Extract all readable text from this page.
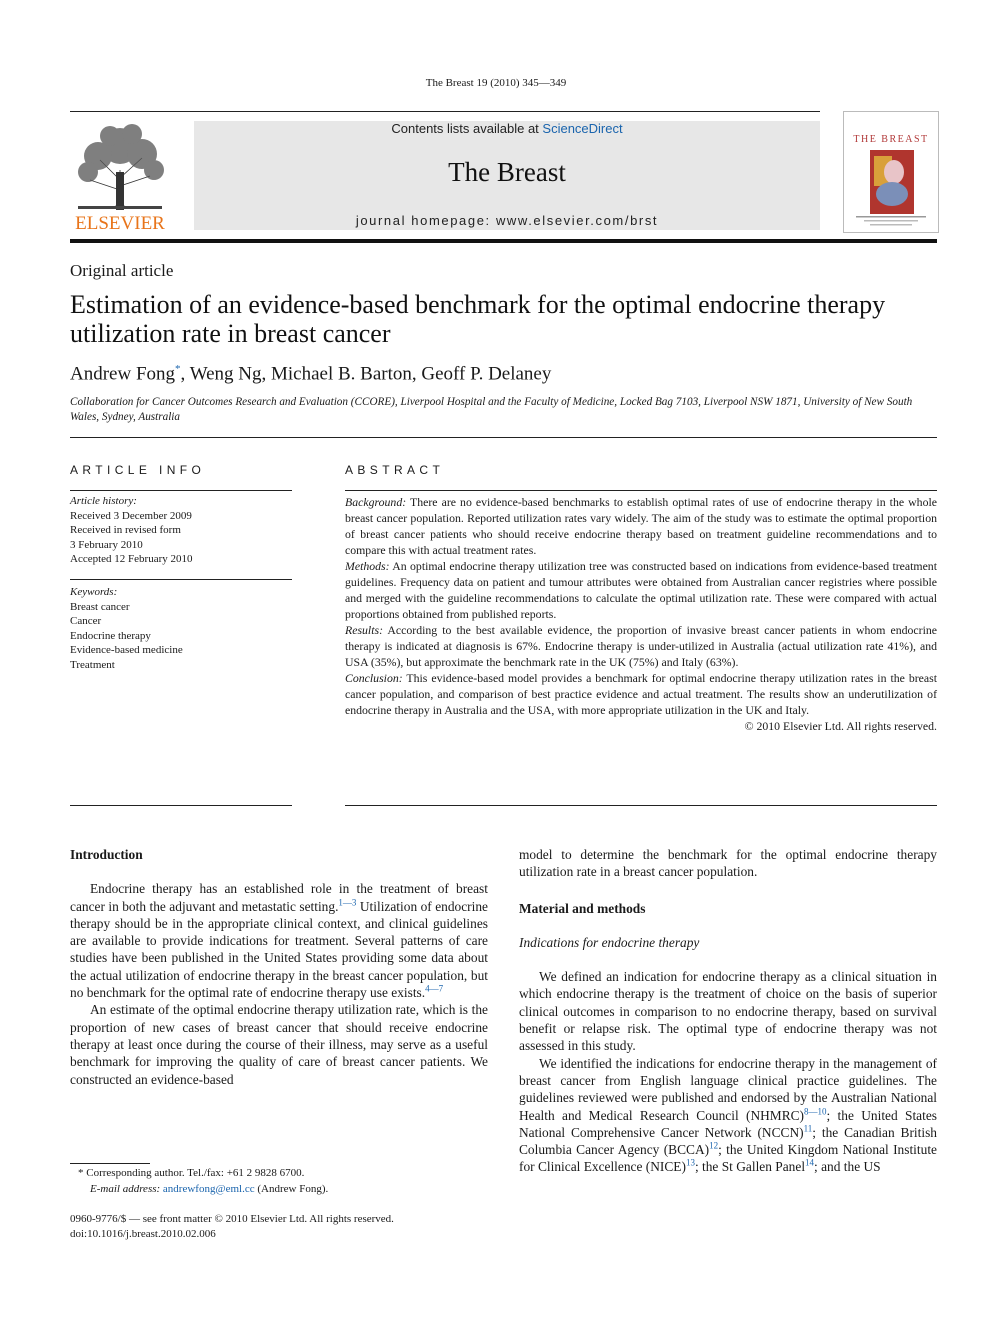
The Breast 19 (2010) 345—349
ELSEVIER
Contents lists available at ScienceDirect
The Breast
journal homepage: www.elsevier.com/brst
THE BREAST
Original article
Estimation of an evidence-based benchmark for the optimal endocrine therapy utilization rate in breast cancer
Andrew Fong*, Weng Ng, Michael B. Barton, Geoff P. Delaney
Collaboration for Cancer Outcomes Research and Evaluation (CCORE), Liverpool Hospital and the Faculty of Medicine, Locked Bag 7103, Liverpool NSW 1871, University of New South Wales, Sydney, Australia
ARTICLE INFO	ABSTRACT
Article history:
Received 3 December 2009
Received in revised form
3 February 2010
Accepted 12 February 2010
Keywords:
Breast cancer
Cancer
Endocrine therapy
Evidence-based medicine
Treatment

Background: There are no evidence-based benchmarks to establish optimal rates of use of endocrine therapy in the whole breast cancer population. Reported utilization rates vary widely. The aim of the study was to estimate the optimal proportion of breast cancer patients who should receive endocrine therapy based on treatment guideline recommendations and to compare this with actual treatment rates.

Methods: An optimal endocrine therapy utilization tree was constructed based on indications from evidence-based treatment guidelines. Frequency data on patient and tumour attributes were obtained from Australian cancer registries where possible and merged with the guideline recommendations to calculate the optimal utilization rate. These were compared with actual proportions obtained from published reports.

Results: According to the best available evidence, the proportion of invasive breast cancer patients in whom endocrine therapy is indicated at diagnosis is 67%. Endocrine therapy is under-utilized in Australia (actual utilization rate 41%), and USA (35%), but approximate the benchmark rate in the UK (75%) and Italy (63%).

Conclusion: This evidence-based model provides a benchmark for optimal endocrine therapy utilization rates in the breast cancer population, and comparison of best practice evidence and actual treatment. The results show an underutilization of endocrine therapy in Australia and the USA, with more appropriate utilization in the UK and Italy.

© 2010 Elsevier Ltd. All rights reserved.

Introduction

Endocrine therapy has an established role in the treatment of breast cancer in both the adjuvant and metastatic setting.$^{1—3}$ Utilization of endocrine therapy should be in the appropriate clinical context, and clinical guidelines are available to provide indications for treatment. Several patterns of care studies have been published in the United States providing some data about the actual utilization of endocrine therapy in the breast cancer population, but no benchmark for the optimal rate of endocrine therapy use exists.$^{4—7}$

An estimate of the optimal endocrine therapy utilization rate, which is the proportion of new cases of breast cancer that should receive endocrine therapy at least once during the course of their illness, may serve as a useful benchmark for improving the quality of care of breast cancer patients. We constructed an evidence-based

model to determine the benchmark for the optimal endocrine therapy utilization rate in a breast cancer population.

Material and methods
Indications for endocrine therapy

We defined an indication for endocrine therapy as a clinical situation in which endocrine therapy is the treatment of choice on the basis of superior clinical outcomes in comparison to no endocrine therapy, based on survival benefit or relapse risk. The optimal type of endocrine therapy was not assessed in this study.

We identified the indications for endocrine therapy in the management of breast cancer from English language clinical practice guidelines. The guidelines reviewed were published and endorsed by the Australian National Health and Medical Research Council (NHMRC)$^{8—10}$; the United States National Comprehensive Cancer Network (NCCN)$^{11}$; the Canadian British Columbia Cancer Agency (BCCA)$^{12}$; the United Kingdom National Institute for Clinical Excellence (NICE)$^{13}$; the St Gallen Panel$^{14}$; and the US

* Corresponding author. Tel./fax: +61 2 9828 6700.
E-mail address: andrewfong@eml.cc (Andrew Fong).
0960-9776/$ — see front matter © 2010 Elsevier Ltd. All rights reserved.
doi:10.1016/j.breast.2010.02.006
